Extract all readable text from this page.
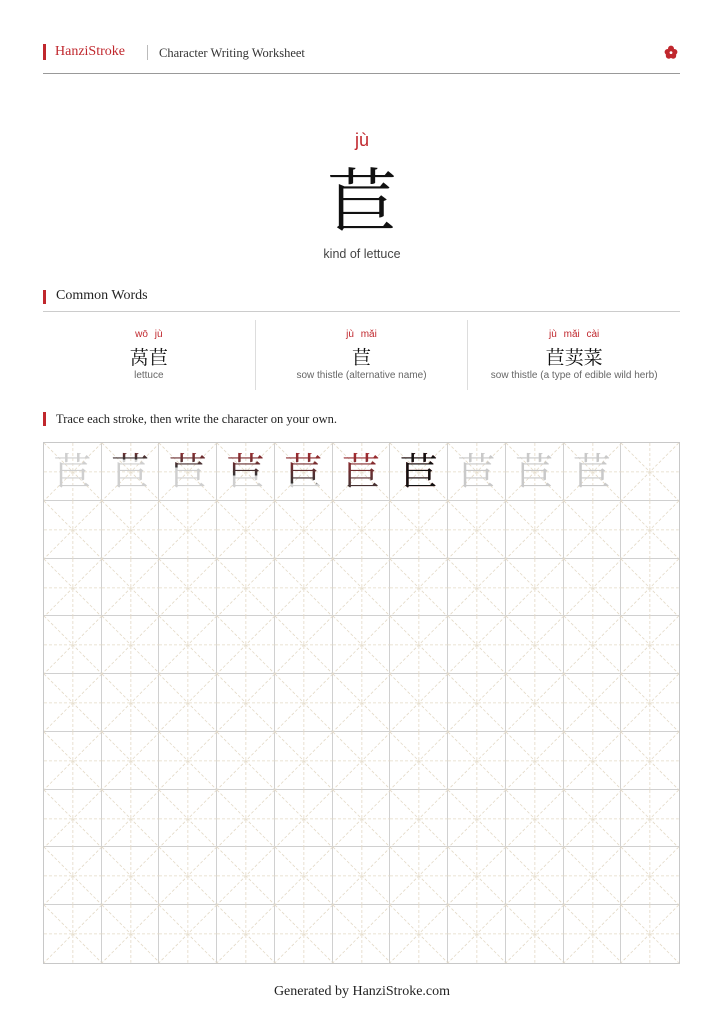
HanziStroke	Character Writing Worksheet
jù
苣
kind of lettuce
Common Words
wō jù
莴苣
lettuce
jù mǎi
苣
sow thistle (alternative name)
jù mǎi cài
苣荬菜
sow thistle (a type of edible wild herb)
Trace each stroke, then write the character on your own.
苣 苣 苣 苣 苣 苣 苣 苣 苣 苣
Generated by HanziStroke.com
